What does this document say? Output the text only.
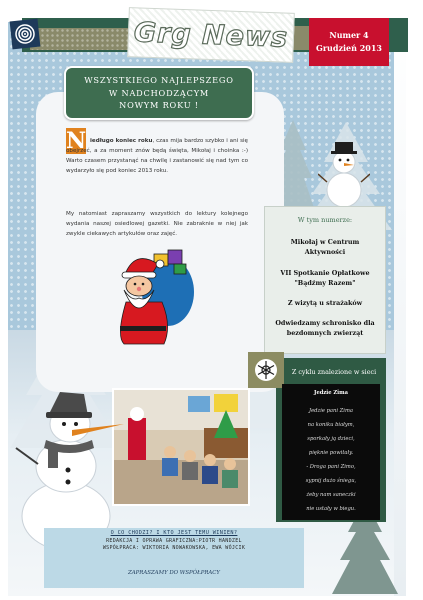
Grg News	Numer 4
Grudzień 2013
WSZYSTKIEGO NAJLEPSZEGO
W NADCHODZĄCYM
NOWYM ROKU !
N iedługo koniec roku, czas mija bardzo szybko i ani się obejrzeć, a za moment znów będą święta, Mikołaj i choinka :-) Warto czasem przystanąć na chwilę i zastanowić się nad tym co wydarzyło się pod koniec 2013 roku.

My natomiast zapraszamy wszystkich do lektury kolejnego wydania naszej osiedlowej gazetki. Nie zabraknie w niej jak zwykle ciekawych artykułów oraz zajęć.

W tym numerze:
Mikołaj w Centrum Aktywności
VII Spotkanie Opłatkowe "Bądźmy Razem"
Z wizytą u strażaków
Odwiedzamy schronisko dla bezdomnych zwierząt
Z cyklu znalezione w sieci
Jedzie Zima
Jedzie pani Zima
na koniku białym,
sporkały ją dzieci,
pięknie powitały.
- Droga pani Zimo,
sypnij dużo śniegu,
żeby nam saneczki
nie ustały w biegu.
O CO CHODZI? I KTO JEST TEMU WINIEN?
REDAKCJA I OPRAWA GRAFICZNA:PIOTR HANDZEL
WSPÓŁPRACA: WIKTORIA NOWAKOWSKA, EWA WÓJCIK
ZAPRASZAMY DO WSPÓŁPRACY
